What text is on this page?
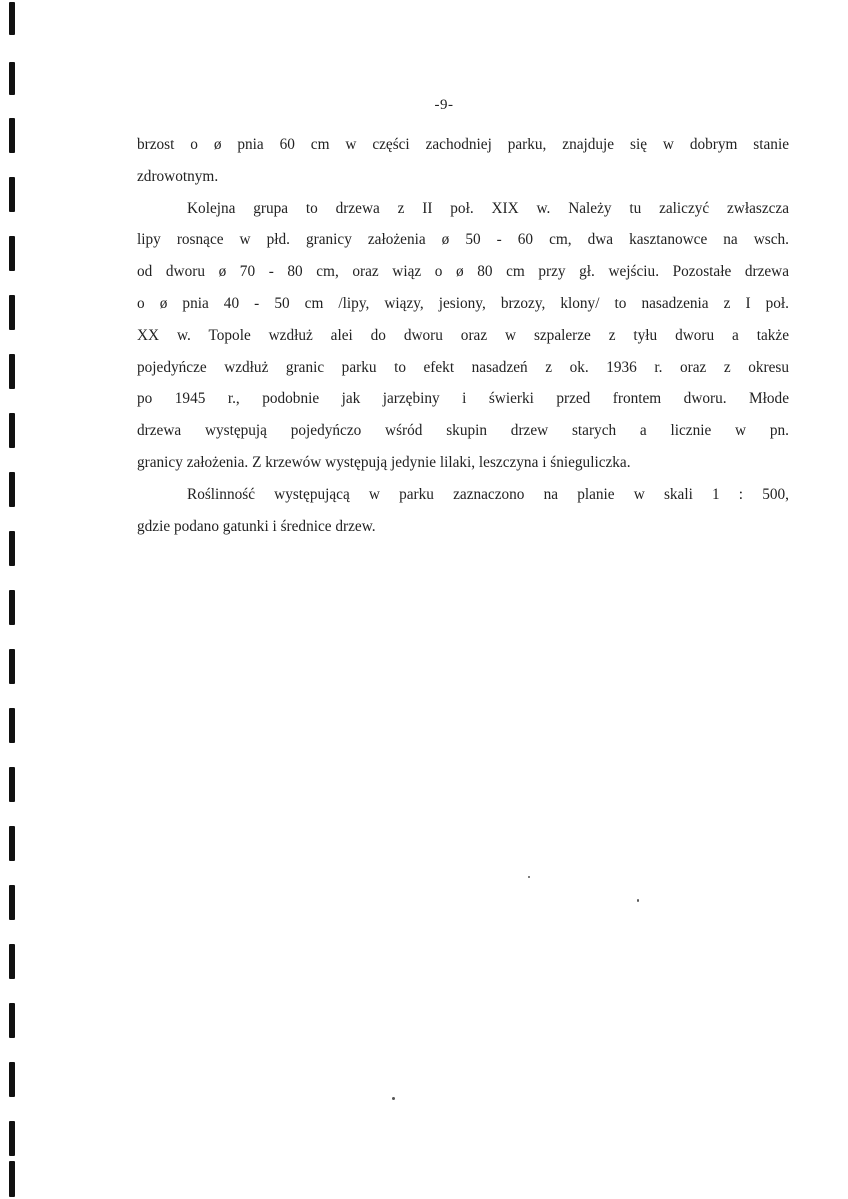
-9-
brzost o ø pnia 60 cm w części zachodniej parku, znajduje się w dobrym stanie
zdrowotnym.
Kolejna grupa to drzewa z II poł. XIX w. Należy tu zaliczyć zwłaszcza
lipy rosnące w płd. granicy założenia ø 50 - 60 cm, dwa kasztanowce na wsch.
od dworu ø 70 - 80 cm, oraz wiąz o ø 80 cm przy gł. wejściu. Pozostałe drzewa
o ø pnia 40 - 50 cm /lipy, wiązy, jesiony, brzozy, klony/ to nasadzenia z I poł.
XX w. Topole wzdłuż alei do dworu oraz w szpalerze z tyłu dworu a także
pojedyńcze wzdłuż granic parku to efekt nasadzeń z ok. 1936 r. oraz z okresu
po 1945 r., podobnie jak jarzębiny i świerki przed frontem dworu. Młode
drzewa występują pojedyńczo wśród skupin drzew starych a licznie w pn.
granicy założenia. Z krzewów występują jedynie lilaki, leszczyna i śnieguliczka.
Roślinność występującą w parku zaznaczono na planie w skali 1 : 500,
gdzie podano gatunki i średnice drzew.
